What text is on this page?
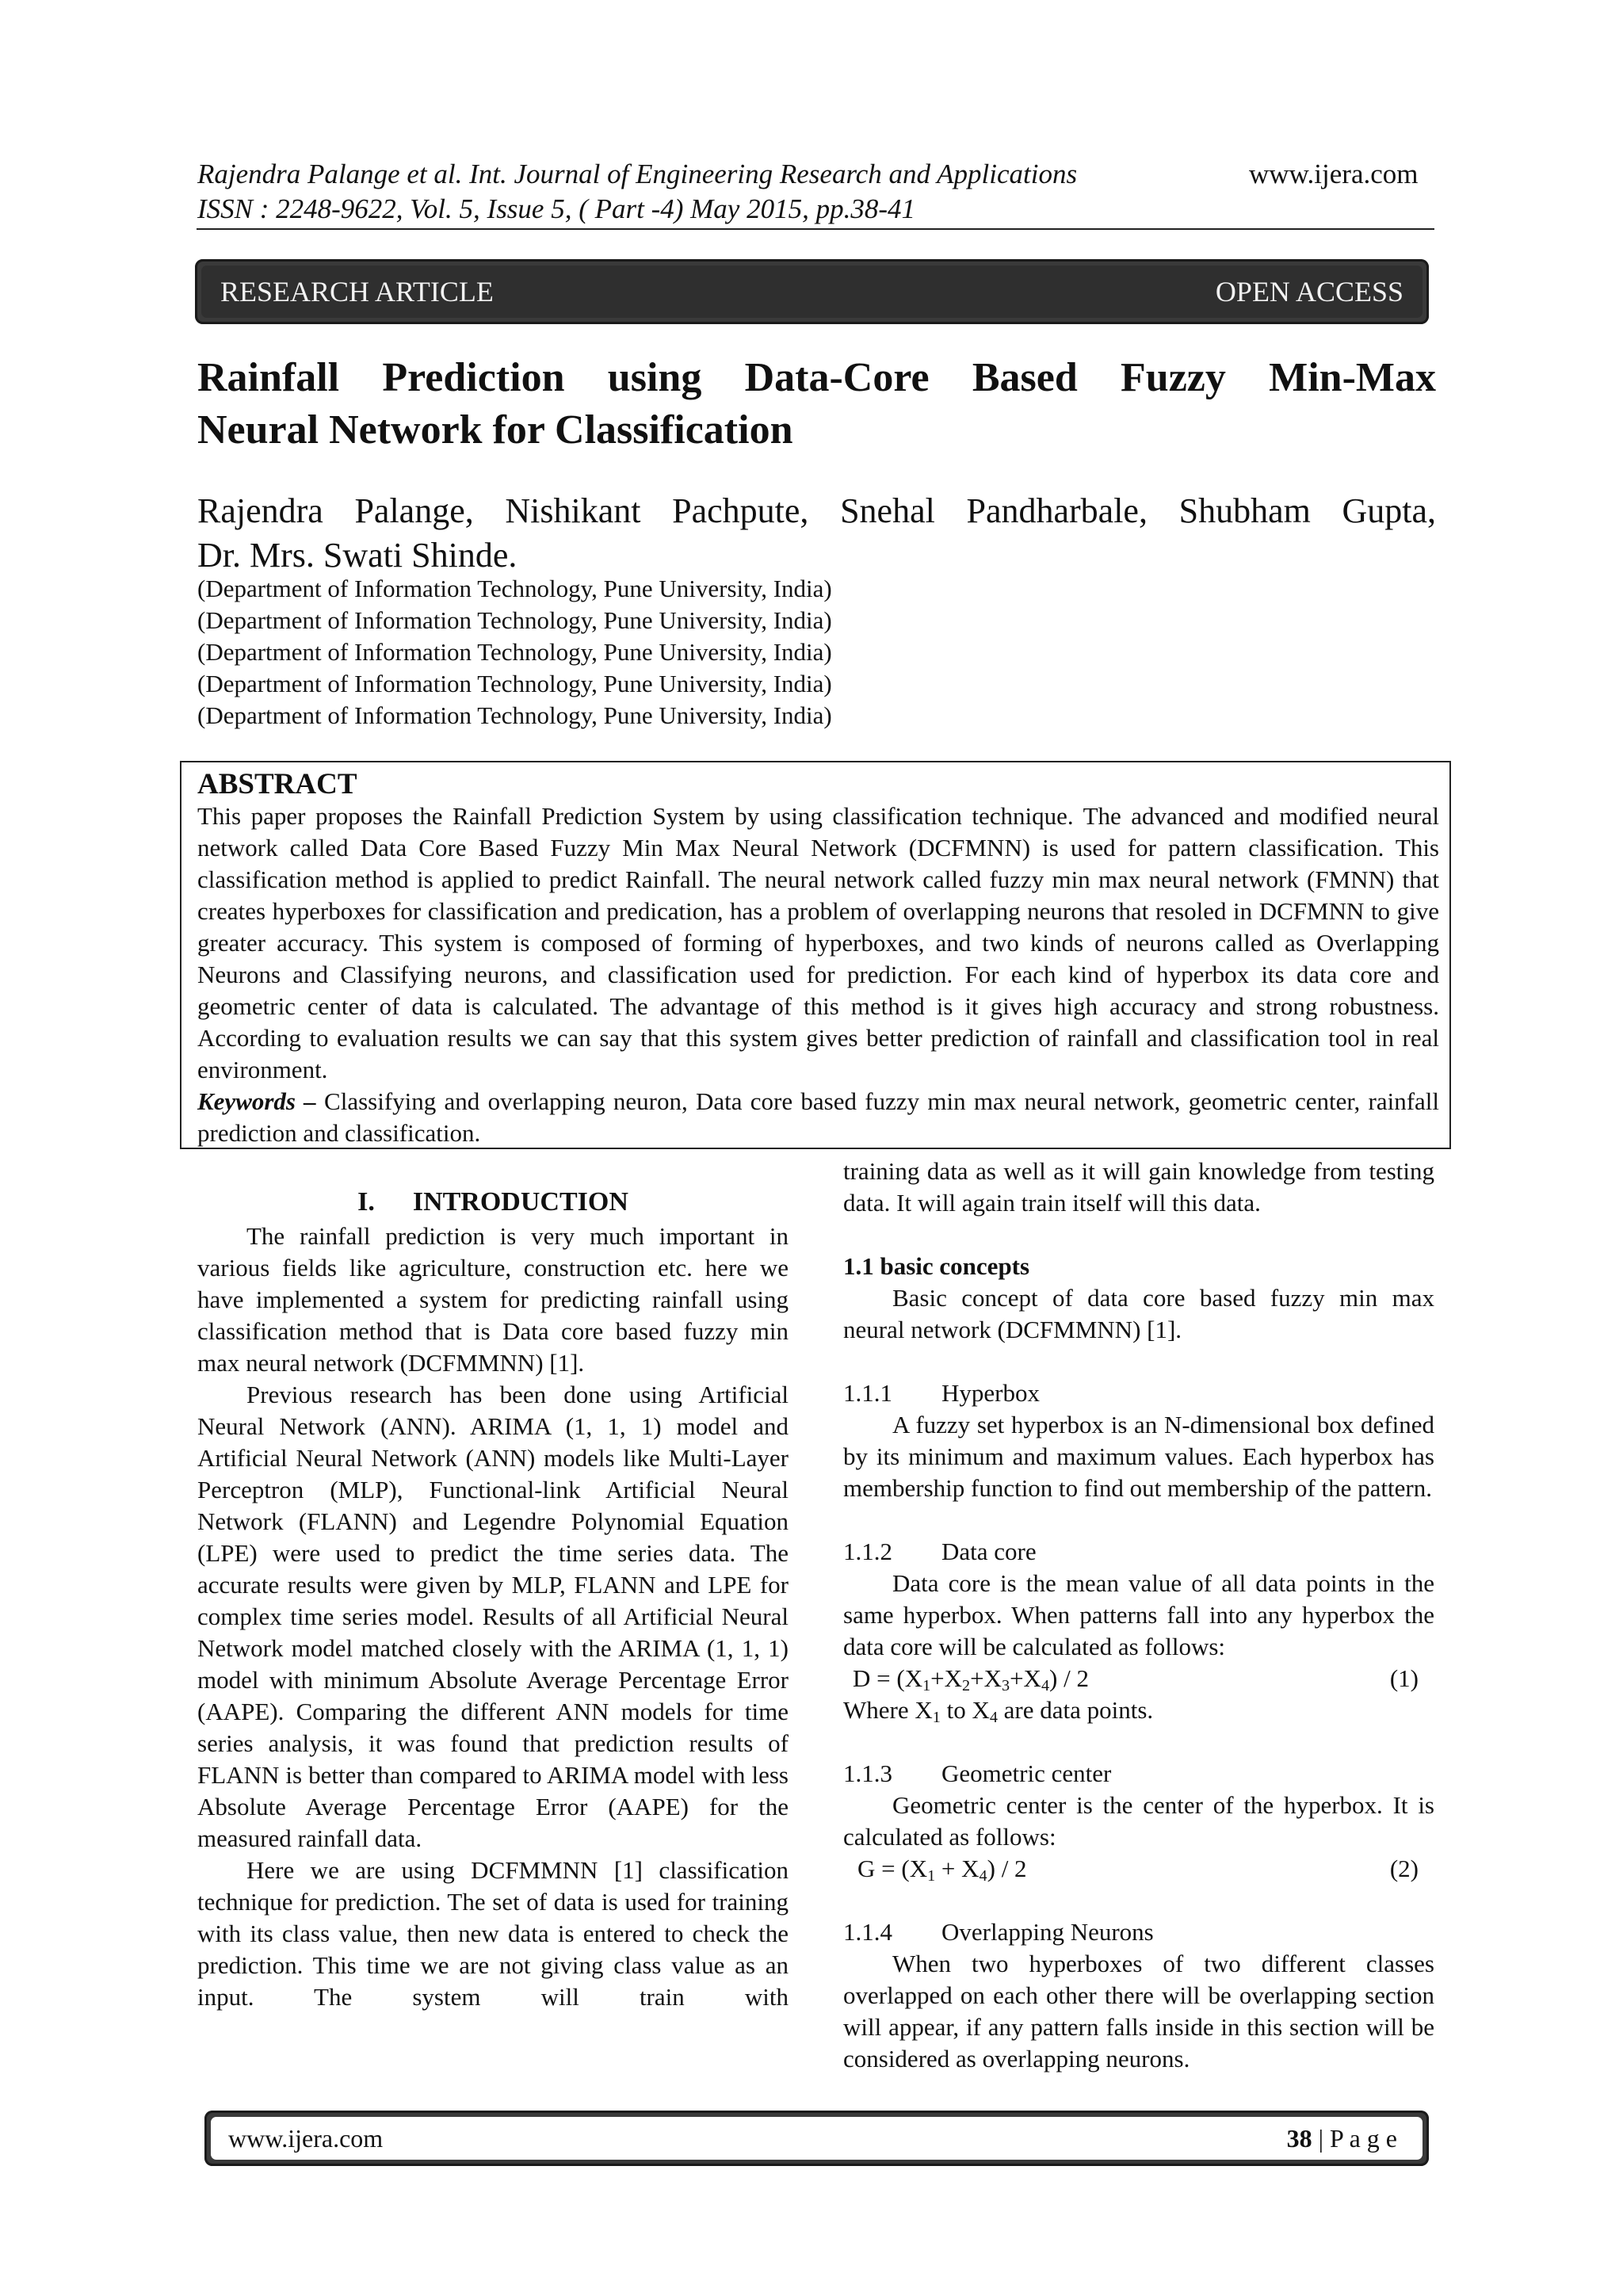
Rajendra Palange et al. Int. Journal of Engineering Research and Applications	www.ijera.com
ISSN : 2248-9622, Vol. 5, Issue 5, ( Part -4) May 2015, pp.38-41
RESEARCH ARTICLE	OPEN ACCESS
Rainfall Prediction using Data-Core Based Fuzzy Min-Max
Neural Network for Classification
Rajendra Palange, Nishikant Pachpute, Snehal Pandharbale, Shubham Gupta,
Dr. Mrs. Swati Shinde.
(Department of Information Technology, Pune University, India)
(Department of Information Technology, Pune University, India)
(Department of Information Technology, Pune University, India)
(Department of Information Technology, Pune University, India)
(Department of Information Technology, Pune University, India)
ABSTRACT

This paper proposes the Rainfall Prediction System by using classification technique. The advanced and modified neural network called Data Core Based Fuzzy Min Max Neural Network (DCFMNN) is used for pattern classification. This classification method is applied to predict Rainfall. The neural network called fuzzy min max neural network (FMNN) that creates hyperboxes for classification and predication, has a problem of overlapping neurons that resoled in DCFMNN to give greater accuracy. This system is composed of forming of hyperboxes, and two kinds of neurons called as Overlapping Neurons and Classifying neurons, and classification used for prediction. For each kind of hyperbox its data core and geometric center of data is calculated. The advantage of this method is it gives high accuracy and strong robustness. According to evaluation results we can say that this system gives better prediction of rainfall and classification tool in real environment.

Keywords – Classifying and overlapping neuron, Data core based fuzzy min max neural network, geometric center, rainfall prediction and classification.

I. INTRODUCTION

The rainfall prediction is very much important in various fields like agriculture, construction etc. here we have implemented a system for predicting rainfall using classification method that is Data core based fuzzy min max neural network (DCFMMNN) [1].

Previous research has been done using Artificial Neural Network (ANN). ARIMA (1, 1, 1) model and Artificial Neural Network (ANN) models like Multi-Layer Perceptron (MLP), Functional-link Artificial Neural Network (FLANN) and Legendre Polynomial Equation (LPE) were used to predict the time series data. The accurate results were given by MLP, FLANN and LPE for complex time series model. Results of all Artificial Neural Network model matched closely with the ARIMA (1, 1, 1) model with minimum Absolute Average Percentage Error (AAPE). Comparing the different ANN models for time series analysis, it was found that prediction results of FLANN is better than compared to ARIMA model with less Absolute Average Percentage Error (AAPE) for the measured rainfall data.

Here we are using DCFMMNN [1] classification technique for prediction. The set of data is used for training with its class value, then new data is entered to check the prediction. This time we are not giving class value as an input. The system will train with

training data as well as it will gain knowledge from testing data. It will again train itself will this data.

1.1 basic concepts

Basic concept of data core based fuzzy min max neural network (DCFMMNN) [1].

1.1.1 Hyperbox

A fuzzy set hyperbox is an N-dimensional box defined by its minimum and maximum values. Each hyperbox has membership function to find out membership of the pattern.

1.1.2 Data core

Data core is the mean value of all data points in the same hyperbox. When patterns fall into any hyperbox the data core will be calculated as follows:

$D = (X_1+X_2+X_3+X_4) / 2$	(1)

Where $X_1$ to $X_4$ are data points.

1.1.3 Geometric center

Geometric center is the center of the hyperbox. It is calculated as follows:

$G = (X_1 + X_4) / 2$	(2)

1.1.4 Overlapping Neurons

When two hyperboxes of two different classes overlapped on each other there will be overlapping section will appear, if any pattern falls inside in this section will be considered as overlapping neurons.

www.ijera.com	38 | P a g e
